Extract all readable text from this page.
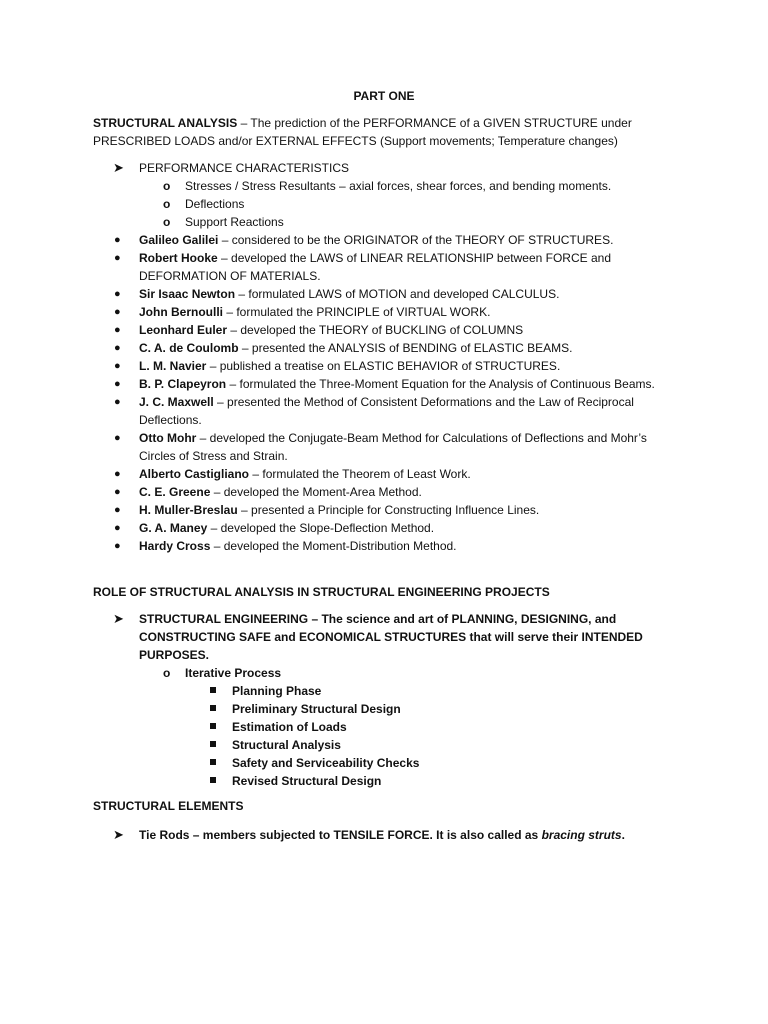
PART ONE
STRUCTURAL ANALYSIS – The prediction of the PERFORMANCE of a GIVEN STRUCTURE under PRESCRIBED LOADS and/or EXTERNAL EFFECTS (Support movements; Temperature changes)
➤ PERFORMANCE CHARACTERISTICS
o Stresses / Stress Resultants – axial forces, shear forces, and bending moments.
o Deflections
o Support Reactions
● Galileo Galilei – considered to be the ORIGINATOR of the THEORY OF STRUCTURES.
● Robert Hooke – developed the LAWS of LINEAR RELATIONSHIP between FORCE and DEFORMATION OF MATERIALS.
● Sir Isaac Newton – formulated LAWS of MOTION and developed CALCULUS.
● John Bernoulli – formulated the PRINCIPLE of VIRTUAL WORK.
● Leonhard Euler – developed the THEORY of BUCKLING of COLUMNS
● C. A. de Coulomb – presented the ANALYSIS of BENDING of ELASTIC BEAMS.
● L. M. Navier – published a treatise on ELASTIC BEHAVIOR of STRUCTURES.
● B. P. Clapeyron – formulated the Three-Moment Equation for the Analysis of Continuous Beams.
● J. C. Maxwell – presented the Method of Consistent Deformations and the Law of Reciprocal Deflections.
● Otto Mohr – developed the Conjugate-Beam Method for Calculations of Deflections and Mohr’s Circles of Stress and Strain.
● Alberto Castigliano – formulated the Theorem of Least Work.
● C. E. Greene – developed the Moment-Area Method.
● H. Muller-Breslau – presented a Principle for Constructing Influence Lines.
● G. A. Maney – developed the Slope-Deflection Method.
● Hardy Cross – developed the Moment-Distribution Method.
ROLE OF STRUCTURAL ANALYSIS IN STRUCTURAL ENGINEERING PROJECTS
➤ STRUCTURAL ENGINEERING – The science and art of PLANNING, DESIGNING, and CONSTRUCTING SAFE and ECONOMICAL STRUCTURES that will serve their INTENDED PURPOSES.
o Iterative Process
Planning Phase
Preliminary Structural Design
Estimation of Loads
Structural Analysis
Safety and Serviceability Checks
Revised Structural Design
STRUCTURAL ELEMENTS
➤ Tie Rods – members subjected to TENSILE FORCE. It is also called as bracing struts.
